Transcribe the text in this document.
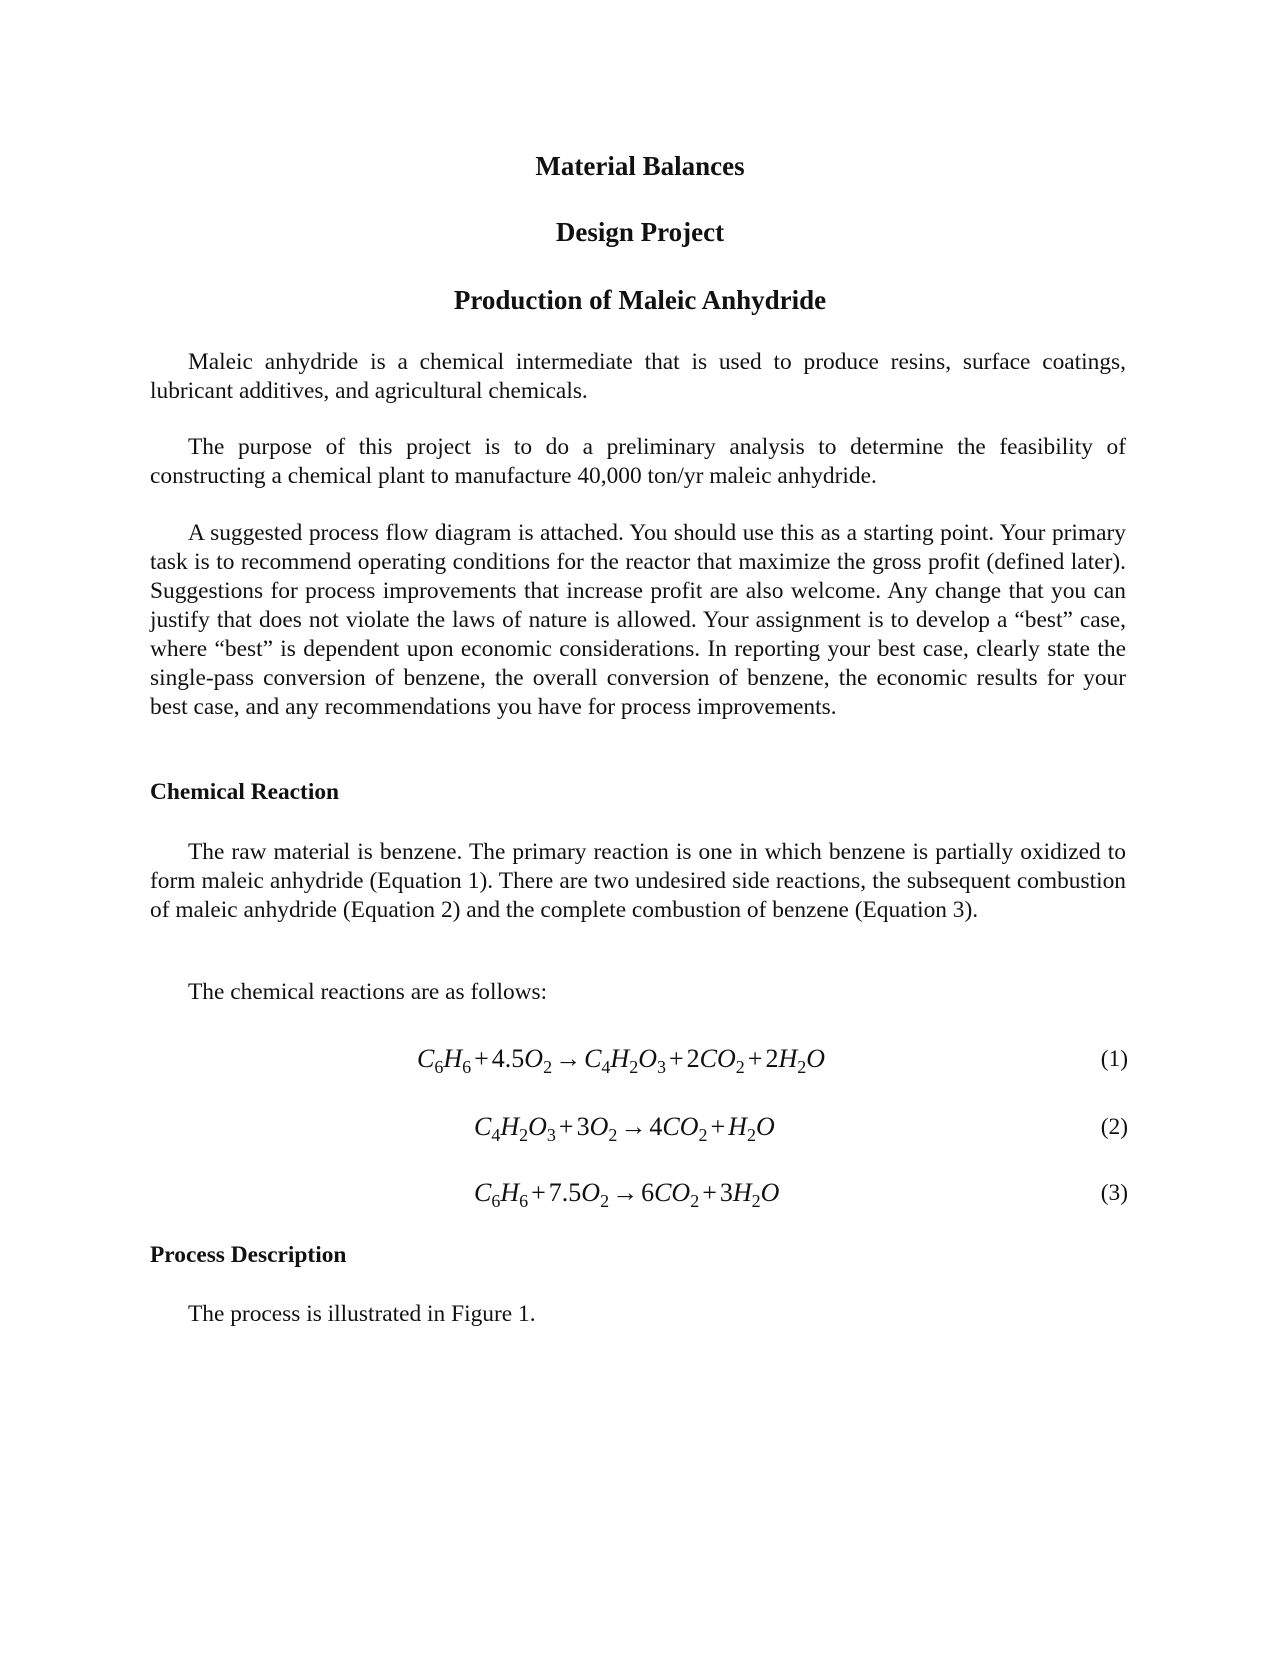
Material Balances
Design Project
Production of Maleic Anhydride

Maleic anhydride is a chemical intermediate that is used to produce resins, surface coatings, lubricant additives, and agricultural chemicals.

The purpose of this project is to do a preliminary analysis to determine the feasibility of constructing a chemical plant to manufacture 40,000 ton/yr maleic anhydride.

A suggested process flow diagram is attached. You should use this as a starting point. Your primary task is to recommend operating conditions for the reactor that maximize the gross profit (defined later). Suggestions for process improvements that increase profit are also welcome. Any change that you can justify that does not violate the laws of nature is allowed. Your assignment is to develop a “best” case, where “best” is dependent upon economic considerations. In reporting your best case, clearly state the single-pass conversion of benzene, the overall conversion of benzene, the economic results for your best case, and any recommendations you have for process improvements.

Chemical Reaction

The raw material is benzene. The primary reaction is one in which benzene is partially oxidized to form maleic anhydride (Equation 1). There are two undesired side reactions, the subsequent combustion of maleic anhydride (Equation 2) and the complete combustion of benzene (Equation 3).

The chemical reactions are as follows:

$C_6H_6 + 4.5O_2 \to C_4H_2O_3 + 2CO_2 + 2H_2O$	(1)
$C_4H_2O_3 + 3O_2 \to 4CO_2 + H_2O$	(2)
$C_6H_6 + 7.5O_2 \to 6CO_2 + 3H_2O$	(3)
Process Description

The process is illustrated in Figure 1.
